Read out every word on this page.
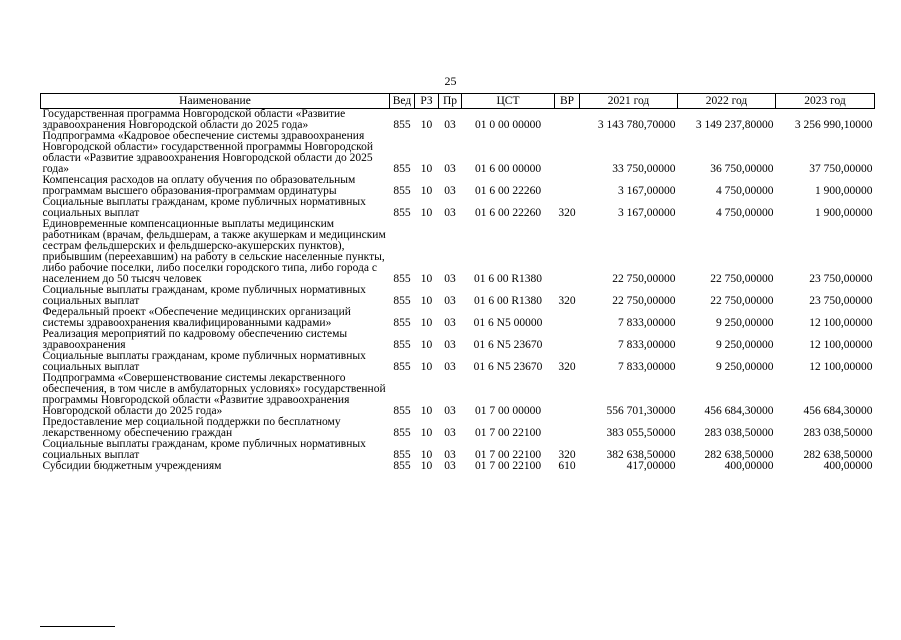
25
Наименование	Вед	РЗ	Пр	ЦСТ	ВР	2021 год	2022 год	2023 год
Государственная программа Новгородской области «Развитие здравоохранения Новгородской области до 2025 года»	855	10	03	01 0 00 00000		3 143 780,70000	3 149 237,80000	3 256 990,10000
Подпрограмма «Кадровое обеспечение системы здравоохранения Новгородской области» государственной программы Новгородской области «Развитие здравоохранения Новгородской области до 2025 года»	855	10	03	01 6 00 00000		33 750,00000	36 750,00000	37 750,00000
Компенсация расходов на оплату обучения по образовательным программам высшего образования-программам ординатуры	855	10	03	01 6 00 22260		3 167,00000	4 750,00000	1 900,00000
Социальные выплаты гражданам, кроме публичных нормативных социальных выплат	855	10	03	01 6 00 22260	320	3 167,00000	4 750,00000	1 900,00000
Единовременные компенсационные выплаты медицинским работникам (врачам, фельдшерам, а также акушеркам и медицинским сестрам фельдшерских и фельдшерско-акушерских пунктов), прибывшим (переехавшим) на работу в сельские населенные пункты, либо рабочие поселки, либо поселки городского типа, либо города с населением до 50 тысяч человек	855	10	03	01 6 00 R1380		22 750,00000	22 750,00000	23 750,00000
Социальные выплаты гражданам, кроме публичных нормативных социальных выплат	855	10	03	01 6 00 R1380	320	22 750,00000	22 750,00000	23 750,00000
Федеральный проект «Обеспечение медицинских организаций системы здравоохранения квалифицированными кадрами»	855	10	03	01 6 N5 00000		7 833,00000	9 250,00000	12 100,00000
Реализация мероприятий по кадровому обеспечению системы здравоохранения	855	10	03	01 6 N5 23670		7 833,00000	9 250,00000	12 100,00000
Социальные выплаты гражданам, кроме публичных нормативных социальных выплат	855	10	03	01 6 N5 23670	320	7 833,00000	9 250,00000	12 100,00000
Подпрограмма «Совершенствование системы лекарственного обеспечения, в том числе в амбулаторных условиях» государственной программы Новгородской области «Развитие здравоохранения Новгородской области до 2025 года»	855	10	03	01 7 00 00000		556 701,30000	456 684,30000	456 684,30000
Предоставление мер социальной поддержки по бесплатному лекарственному обеспечению граждан	855	10	03	01 7 00 22100		383 055,50000	283 038,50000	283 038,50000
Социальные выплаты гражданам, кроме публичных нормативных социальных выплат	855	10	03	01 7 00 22100	320	382 638,50000	282 638,50000	282 638,50000
Субсидии бюджетным учреждениям	855	10	03	01 7 00 22100	610	417,00000	400,00000	400,00000
